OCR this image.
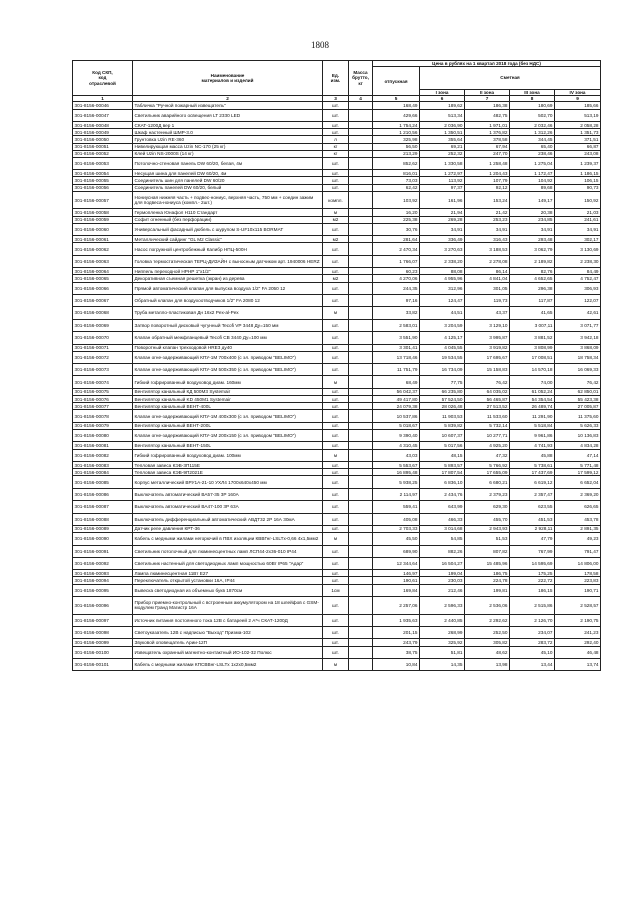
1808
Код СКП,
код
отраслевой	Наименование
материалов и изделий	Ед.
изм.	Масса
брутто,
кг	Цена в рублях на 1 квартал 2018 года (без НДС)				
				отпускная	Сметная			
					I зона	II зона	III зона	IV зона
1	2	3	4	5	6	7	8	9
301-8156-00046	Табличка "Ручной пожарный извещатель"	шт.		168,49	189,62	186,38	180,69	185,66
301-8156-00047	Светильник аварийного освещения LT 2330 LED	шт.		429,66	513,34	482,75	502,70	513,19
301-8156-00048	СКАТ-1200Д вер 1	шт.		1 754,24	2 036,90	1 971,01	2 032,46	2 058,28
301-8156-00049	Шкаф настенный ШМР-3.0	шт.		1 210,56	1 350,51	1 376,82	1 312,26	1 351,73
301-8156-00050	Грунтовка Uzin RE-360	л		325,98	355,64	378,58	344,45	371,51
301-8156-00051	Нивелирующая масса Uzin NC-170 (25 кг)	кг		56,50	69,21	67,94	65,40	66,87
301-8156-00052	Клей Uzin NS-2000S (14 кг)	кг		213,29	252,32	247,70	238,46	243,08
301-8156-00053	Потолочно-стеновая панель DW 60/20, белая, 4м	шт.		852,62	1 330,58	1 258,48	1 275,04	1 239,37
301-8156-00054	Несущая шина для панелей DW 60/20, 4м	шт.		816,01	1 272,97	1 204,43	1 172,47	1 186,15
301-8156-00055	Соединитель шин для панелей DW 60/20	шт.		73,03	113,92	107,79	104,92	106,15
301-8156-00056	Соединитель панелей DW 60/20, белый	шт.		62,42	97,37	92,12	89,68	90,73
301-8156-00057	Нониусная нижняя часть + подвес-нониус, верхняя часть, 750 мм + соедин зажим для подвеса-нониуса (компл.- 2шт.)	компл.		103,92	161,96	153,24	149,17	150,92
301-8156-00058	Гермопленка Юнафол Н110 Стандарт	м		16,20	21,94	21,42	20,38	21,03
301-8156-00059	Софит огненный (без перфорации)	м2		225,38	269,28	253,23	234,85	241,61
301-8156-00060	Универсальный фасадный дюбель с шурупом S-UF10x115 BORMAT	шт.		30,76	34,91	34,91	34,91	34,91
301-8156-00061	Металлический сайдинг "GL М2 Classic"	м2		281,64	336,49	316,43	293,48	302,17
301-8156-00062	Насос погружной центробежный Калибр НПЦ-500Н	шт.		2 470,34	3 270,63	3 188,53	3 062,79	3 130,69
301-8156-00063	Головка термостатическая ТЕРЦ-ДИЗАЙН с выносным датчиком арт. 1940006 HERZ	шт.		1 766,07	2 338,20	2 278,08	2 189,82	2 238,30
301-8156-00064	Ниппель переходной НРНР 1"х1/2"	шт.		60,23	88,08	86,14	82,76	84,49
301-8156-00065	Декоративная съемная решетка (экран) из дерева	м2		4 270,06	4 955,96	4 841,04	4 652,65	4 752,47
301-8156-00066	Прямой автоматический клапан для выпуска воздуха 1/2" FA 2050 12	шт.		244,35	312,96	301,05	296,38	306,93
301-8156-00067	Обратный клапан для воздухоотводчиков 1/2" FA 2080 12	шт.		97,16	124,47	119,73	117,87	122,07
301-8156-00068	Труба металло-пластиковая Дн 16х2 Peх-al-Peх	м		33,82	44,51	43,37	41,65	42,61
301-8156-00069	Затвор поворотный дисковый чугунный Tecofi VP 3448 Ду=150 мм	шт.		2 583,01	3 204,59	3 129,10	3 007,11	3 071,77
301-8156-00070	Клапан обратный межфланцевый Tecofi CB 3440 Ду=100 мм	шт.		3 551,90	4 125,17	3 995,87	3 881,52	3 942,18
301-8156-00071	Поворотный клапан трехходовой HRE3 ду40	шт.		3 301,41	4 045,55	3 919,82	3 808,99	3 868,09
301-8156-00072	Клапан огне-задерживающий КПУ-1М 700х400 (с эл. приводом "BELIMO")	шт.		13 718,46	19 534,55	17 695,67	17 008,51	18 758,34
301-8156-00073	Клапан огне-задерживающий КПУ-1М 500х350 (с эл. приводом "BELIMO")	шт.		11 751,79	16 734,09	15 158,83	14 570,18	16 069,33
301-8156-00074	Гибкий гофрированный воздуховод диам. 160мм	м		68,49	77,75	76,42	74,00	76,42
301-8156-00075	Вентилятор канальный КД 500М3 Systemair	шт.		56 042,37	66 235,80	64 035,02	61 052,24	62 850,01
301-8156-00076	Вентилятор канальный KD 450M1 Systemair	шт.		49 417,80	57 524,50	56 465,87	54 354,54	55 423,38
301-8156-00077	Вентилятор канальный ВЕНТ-400L	шт.		24 079,38	28 026,48	27 513,52	26 489,74	27 005,87
301-8156-00078	Клапан огне-задерживающий КПУ-1М 400х300 (с эл. приводом "BELIMO")	шт.		10 537,86	11 903,53	11 533,60	11 291,90	11 375,60
301-8156-00079	Вентилятор канальный ВЕНТ-200L	шт.		5 018,67	5 839,82	5 732,14	5 518,84	5 626,33
301-8156-00080	Клапан огне-задерживающий КПУ-1М 200х150 (с эл. приводом "BELIMO")	шт.		9 390,40	10 607,37	10 277,71	9 961,86	10 136,83
301-8156-00081	Вентилятор канальный ВЕНТ-150L	шт.		4 310,45	5 017,56	4 925,20	4 741,93	4 834,28
301-8156-00082	Гибкий гофрированный воздуховод диам. 100мм	м		43,03	48,15	47,32	45,88	47,14
301-8156-00083	Тепловая завеса КЭВ-3П115Е	шт.		5 553,67	5 893,57	5 766,92	5 738,61	5 771,48
301-8156-00084	Тепловая завеса КЭВ-9П2021Е	шт.		16 895,48	17 807,54	17 655,09	17 437,69	17 599,12
301-8156-00085	Корпус металлический ВРУ1А-21-10 УХЛ4 1700х640х450 мм	шт.		5 938,25	6 836,10	6 680,21	6 619,12	6 652,04
301-8156-00086	Выключатель автоматический ВА57-35 3Р 160А	шт.		2 114,97	2 434,76	2 379,23	2 357,47	2 369,20
301-8156-00087	Выключатель автоматический ВА47-100 3Р 63А	шт.		559,41	643,99	629,30	623,55	626,65
301-8156-00088	Выключатель дифференциальный автоматический АВДТ32 2Р 16А 30мА	шт.		405,08	466,33	455,70	451,53	453,78
301-8156-00089	Датчик реле давления КРТ-36	шт.		2 703,33	3 014,68	2 943,93	2 928,11	2 891,35
301-8156-00090	Кабель с медными жилами негорючий в ПВХ изоляции КВВГнг-LSLTx-0,66 4х1,5мм2	м		45,50	54,85	51,53	47,79	49,23
301-8156-00091	Светильник потолочный для люминесцентных ламп ЛСП44-2х36-010 IP44	шт.		689,90	882,26	807,82	767,99	791,47
301-8156-00092	Светильник настенный для светодиодных ламп мощностью 60Вт IP65 "Адар"	шт.		12 344,64	16 504,27	15 485,96	14 595,69	14 806,00
301-8156-00093	Лампа люминесцентная 11Вт Е27	шт.		146,97	199,04	186,75	175,25	178,58
301-8156-00094	Переключатель открытой установки 16А, IP44	шт.		190,61	230,03	224,78	222,72	223,83
301-8156-00095	Вывеска светодиодная из объемных букв 1870см	1см		169,84	212,46	199,81	186,15	190,71
301-8156-00096	Прибор приемно-контрольный с встроенным аккумулятором на 18 шлейфов с GSM-модулем Гранд Магистр 16А	шт.		2 257,06	2 596,33	2 536,06	2 515,86	2 528,57
301-8156-00097	Источник питания постоянного тока 12В с батареей 2 А*ч СКАТ-1200Д	шт.		1 935,63	2 440,85	2 292,62	2 126,70	2 190,75
301-8156-00098	Светоуказатель 12В с надписью "Выход" Призма-102	шт.		201,15	268,99	252,50	234,07	241,23
301-8156-00099	Звуковой оповещатель Арии-12П	шт.		243,79	325,92	305,82	283,72	292,40
301-8156-00100	Извещатель охранный магнитно-контактный ИО-102-32 Полюс	шт.		38,75	51,81	48,62	45,10	46,48
301-8156-00101	Кабель с медными жилами КПСВВнг-LSLTx 1х2х0,5мм2	м		10,84	14,35	13,98	13,44	13,74
